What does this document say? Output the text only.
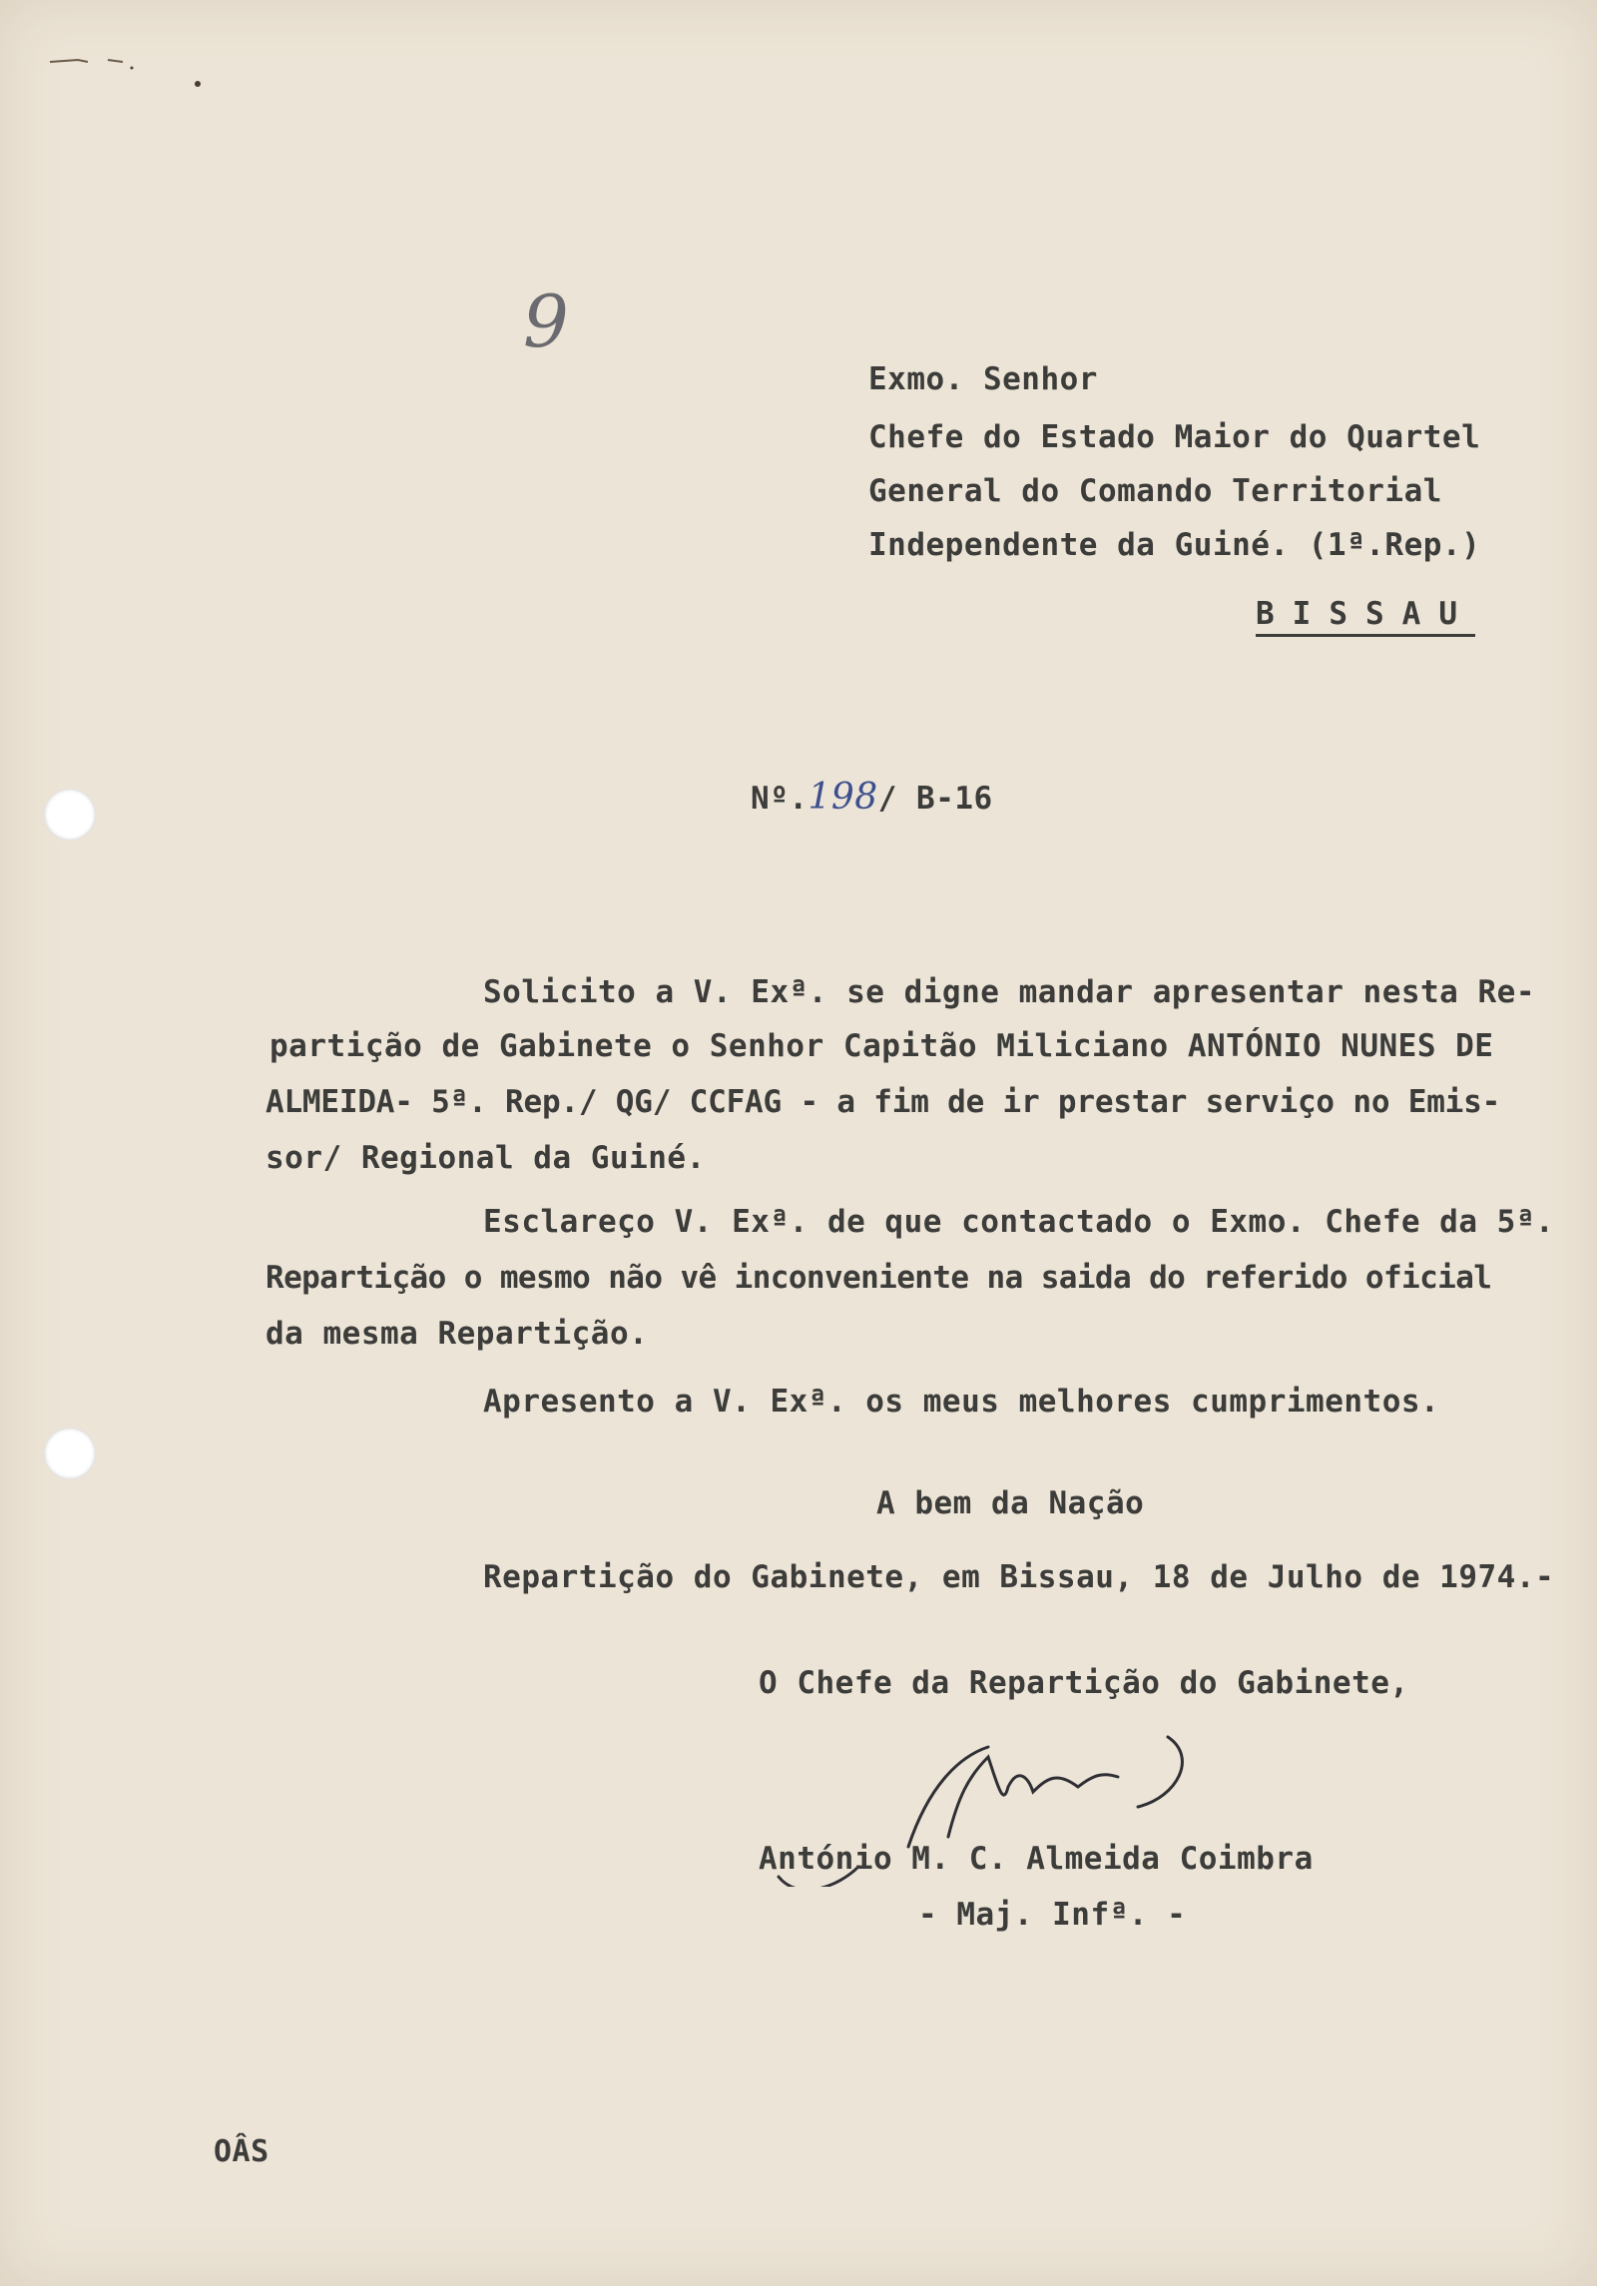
9
Exmo. Senhor
Chefe do Estado Maior do Quartel
General do Comando Territorial
Independente da Guiné. (1ª.Rep.)
BISSAU
Nº.198/ B-16
Solicito a V. Exª. se digne mandar apresentar nesta Re-
partição de Gabinete o Senhor Capitão Miliciano ANTÓNIO NUNES DE
ALMEIDA- 5ª. Rep./ QG/ CCFAG - a fim de ir prestar serviço no Emis-
sor/ Regional da Guiné.
Esclareço V. Exª. de que contactado o Exmo. Chefe da 5ª.
Repartição o mesmo não vê inconveniente na saida do referido oficial
da mesma Repartição.
Apresento a V. Exª. os meus melhores cumprimentos.
A bem da Nação
Repartição do Gabinete, em Bissau, 18 de Julho de 1974.-
O Chefe da Repartição do Gabinete,
António M. C. Almeida Coimbra
- Maj. Infª. -
OÂS
